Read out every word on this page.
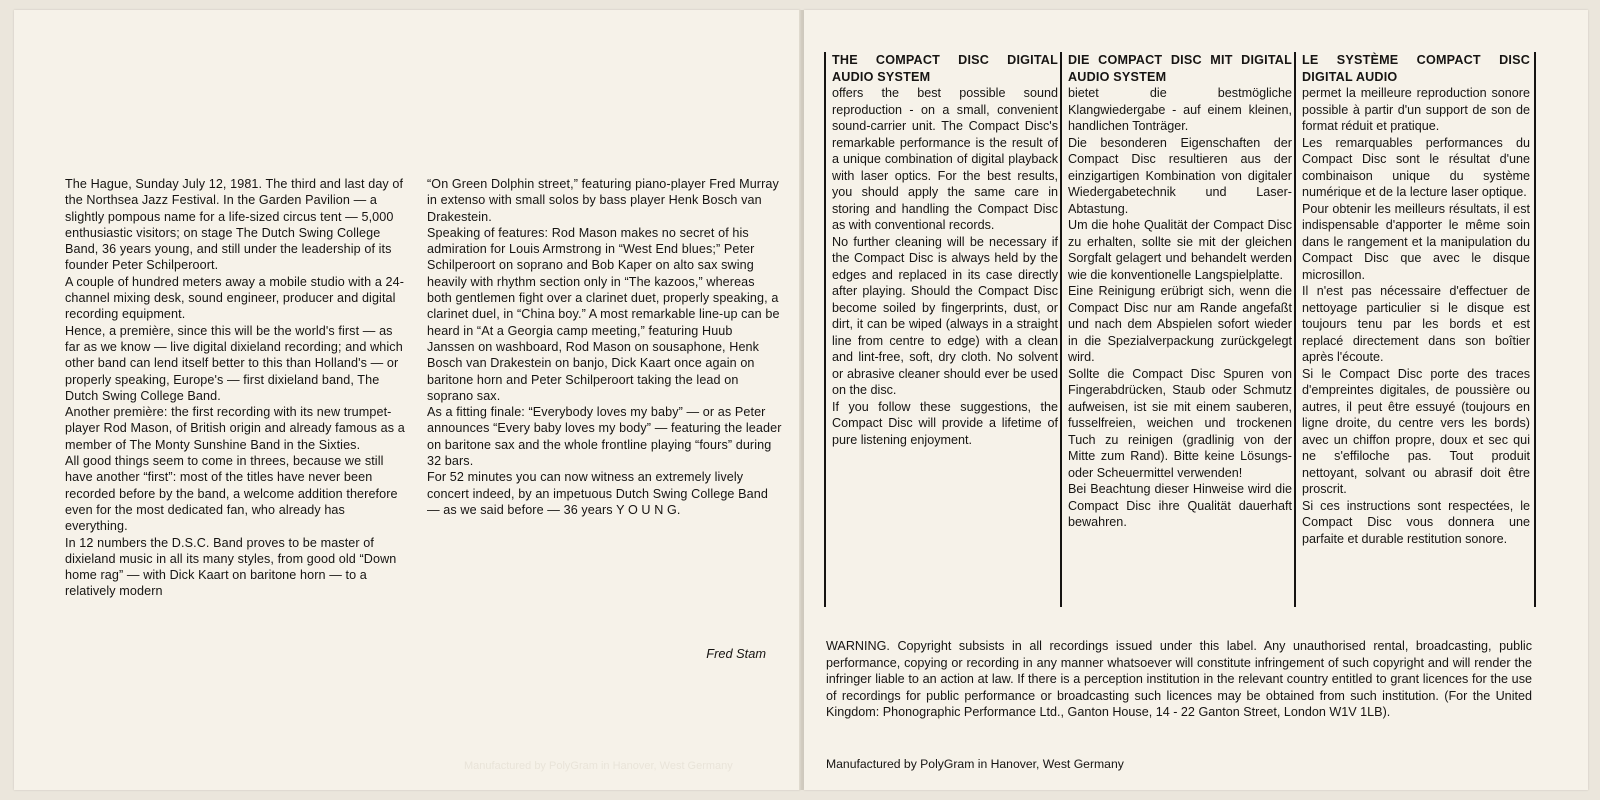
The Hague, Sunday July 12, 1981. The third and last day of the Northsea Jazz Festival. In the Garden Pavilion — a slightly pompous name for a life-sized circus tent — 5,000 enthusiastic visitors; on stage The Dutch Swing College Band, 36 years young, and still under the leadership of its founder Peter Schilperoort.

A couple of hundred meters away a mobile studio with a 24-channel mixing desk, sound engineer, producer and digital recording equipment.

Hence, a première, since this will be the world's first — as far as we know — live digital dixieland recording; and which other band can lend itself better to this than Holland's — or properly speaking, Europe's — first dixieland band, The Dutch Swing College Band.

Another première: the first recording with its new trumpet-player Rod Mason, of British origin and already famous as a member of The Monty Sunshine Band in the Sixties.

All good things seem to come in threes, because we still have another “first”: most of the titles have never been recorded before by the band, a welcome addition therefore even for the most dedicated fan, who already has everything.

In 12 numbers the D.S.C. Band proves to be master of dixieland music in all its many styles, from good old “Down home rag” — with Dick Kaart on baritone horn — to a relatively modern

“On Green Dolphin street,” featuring piano-player Fred Murray in extenso with small solos by bass player Henk Bosch van Drakestein.

Speaking of features: Rod Mason makes no secret of his admiration for Louis Armstrong in “West End blues;” Peter Schilperoort on soprano and Bob Kaper on alto sax swing heavily with rhythm section only in “The kazoos,” whereas both gentlemen fight over a clarinet duet, properly speaking, a clarinet duel, in “China boy.” A most remarkable line-up can be heard in “At a Georgia camp meeting,” featuring Huub Janssen on washboard, Rod Mason on sousaphone, Henk Bosch van Drakestein on banjo, Dick Kaart once again on baritone horn and Peter Schilperoort taking the lead on soprano sax.

As a fitting finale: “Everybody loves my baby” — or as Peter announces “Every baby loves my body” — featuring the leader on baritone sax and the whole frontline playing “fours” during 32 bars.

For 52 minutes you can now witness an extremely lively concert indeed, by an impetuous Dutch Swing College Band — as we said before — 36 years Y O U N G.

Fred Stam
Manufactured by PolyGram in Hanover, West Germany

THE COMPACT DISC DIGITAL AUDIO SYSTEM

offers the best possible sound reproduction - on a small, convenient sound-carrier unit. The Compact Disc's remarkable performance is the result of a unique combination of digital playback with laser optics. For the best results, you should apply the same care in storing and handling the Compact Disc as with conventional records.

No further cleaning will be necessary if the Compact Disc is always held by the edges and replaced in its case directly after playing. Should the Compact Disc become soiled by fingerprints, dust, or dirt, it can be wiped (always in a straight line from centre to edge) with a clean and lint-free, soft, dry cloth. No solvent or abrasive cleaner should ever be used on the disc.

If you follow these suggestions, the Compact Disc will provide a lifetime of pure listening enjoyment.

DIE COMPACT DISC MIT DIGITAL AUDIO SYSTEM

bietet die bestmögliche Klangwiedergabe - auf einem kleinen, handlichen Tonträger.

Die besonderen Eigenschaften der Compact Disc resultieren aus der einzigartigen Kombination von digitaler Wiedergabetechnik und Laser-Abtastung.

Um die hohe Qualität der Compact Disc zu erhalten, sollte sie mit der gleichen Sorgfalt gelagert und behandelt werden wie die konventionelle Langspielplatte.

Eine Reinigung erübrigt sich, wenn die Compact Disc nur am Rande angefaßt und nach dem Abspielen sofort wieder in die Spezialverpackung zurückgelegt wird.

Sollte die Compact Disc Spuren von Fingerabdrücken, Staub oder Schmutz aufweisen, ist sie mit einem sauberen, fusselfreien, weichen und trockenen Tuch zu reinigen (gradlinig von der Mitte zum Rand). Bitte keine Lösungs- oder Scheuermittel verwenden!

Bei Beachtung dieser Hinweise wird die Compact Disc ihre Qualität dauerhaft bewahren.

LE SYSTÈME COMPACT DISC DIGITAL AUDIO

permet la meilleure reproduction sonore possible à partir d'un support de son de format réduit et pratique.

Les remarquables performances du Compact Disc sont le résultat d'une combinaison unique du système numérique et de la lecture laser optique.

Pour obtenir les meilleurs résultats, il est indispensable d'apporter le même soin dans le rangement et la manipulation du Compact Disc que avec le disque microsillon.

Il n'est pas nécessaire d'effectuer de nettoyage particulier si le disque est toujours tenu par les bords et est replacé directement dans son boîtier après l'écoute.

Si le Compact Disc porte des traces d'empreintes digitales, de poussière ou autres, il peut être essuyé (toujours en ligne droite, du centre vers les bords) avec un chiffon propre, doux et sec qui ne s'effiloche pas. Tout produit nettoyant, solvant ou abrasif doit être proscrit.

Si ces instructions sont respectées, le Compact Disc vous donnera une parfaite et durable restitution sonore.

WARNING. Copyright subsists in all recordings issued under this label. Any unauthorised rental, broadcasting, public performance, copying or recording in any manner whatsoever will constitute infringement of such copyright and will render the infringer liable to an action at law. If there is a perception institution in the relevant country entitled to grant licences for the use of recordings for public performance or broadcasting such licences may be obtained from such institution. (For the United Kingdom: Phonographic Performance Ltd., Ganton House, 14 - 22 Ganton Street, London W1V 1LB).

Manufactured by PolyGram in Hanover, West Germany
